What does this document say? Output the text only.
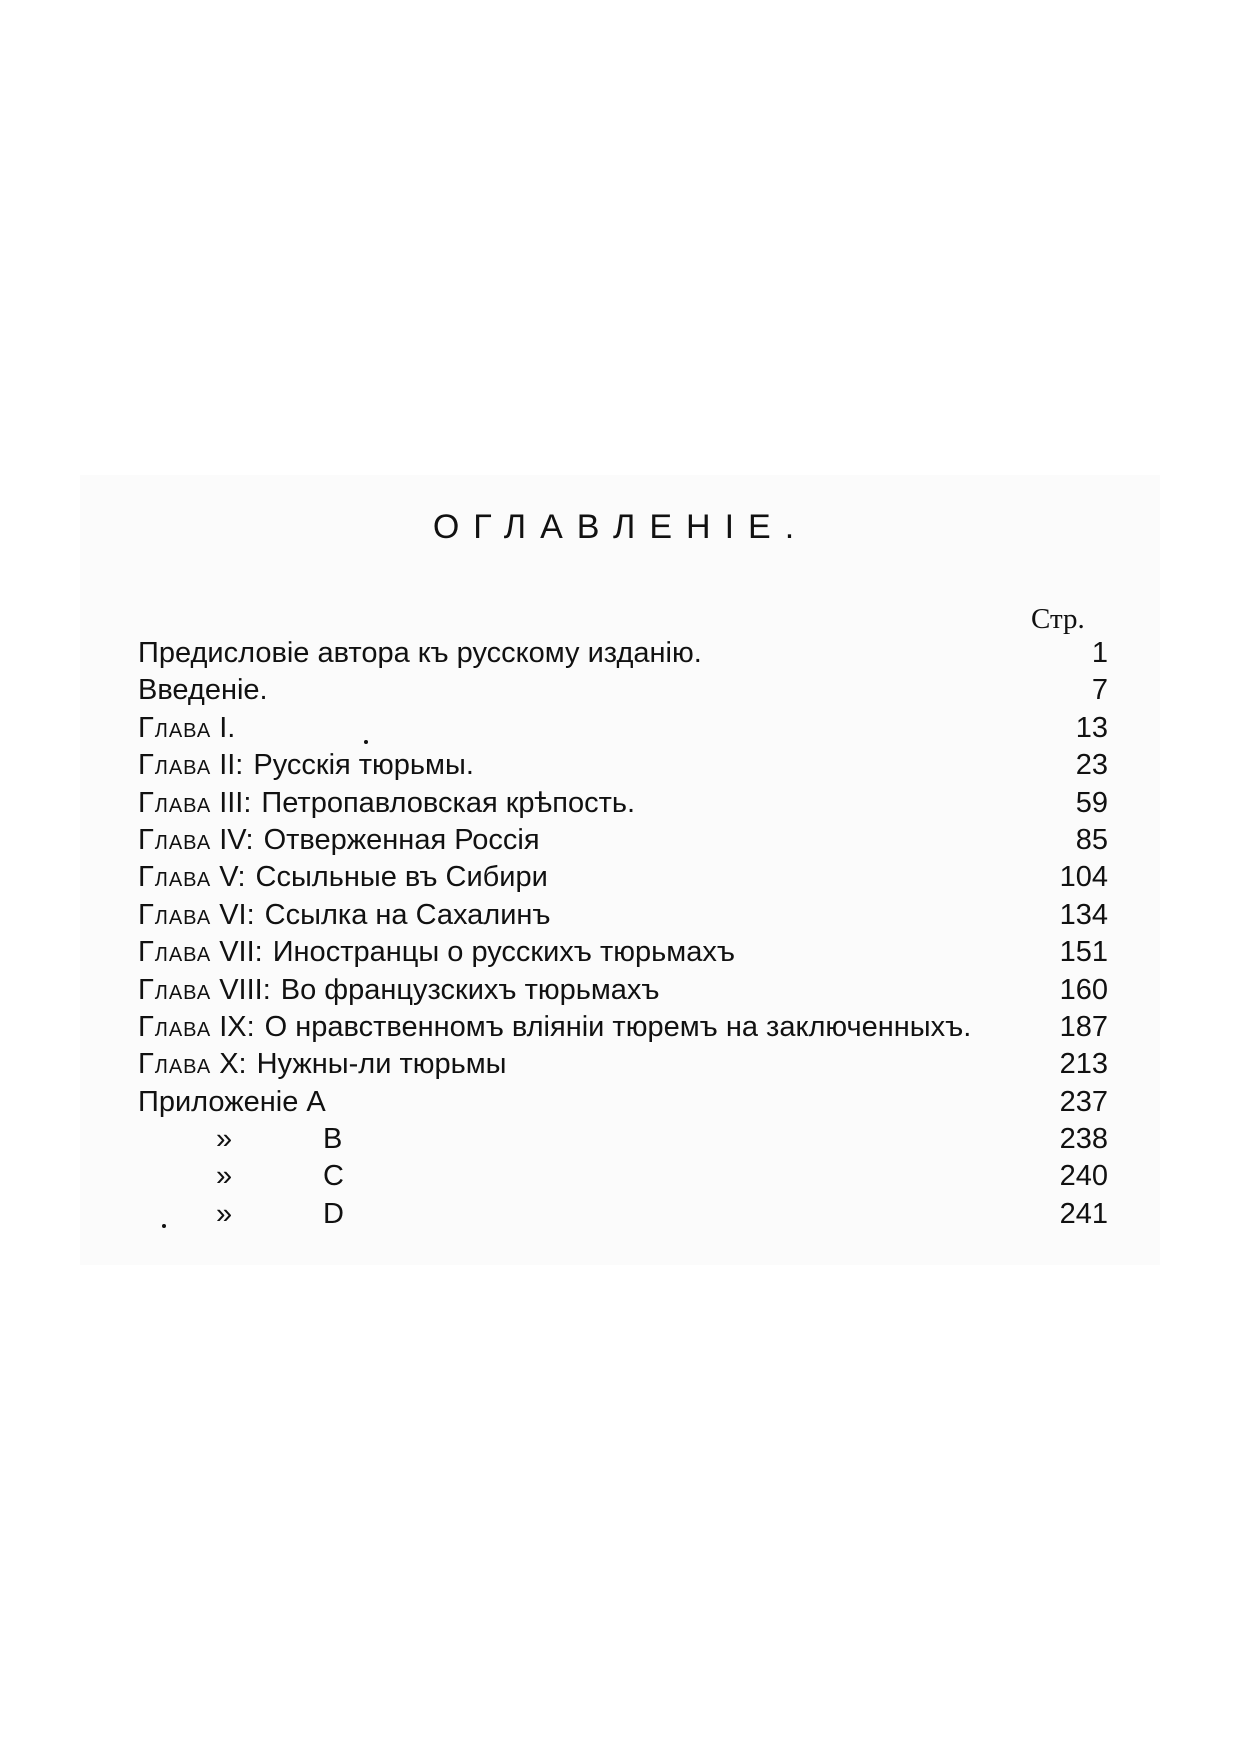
ОГЛАВЛЕНІЕ.
Стр.
Предисловіе автора къ русскому изданію.	1
Введеніе.	7
Глава I.	13
Глава II: Русскія тюрьмы.	23
Глава III: Петропавловская крѣпость.	59
Глава IV: Отверженная Россія	85
Глава V: Ссыльные въ Сибири	104
Глава VI: Ссылка на Сахалинъ	134
Глава VII: Иностранцы о русскихъ тюрьмахъ	151
Глава VIII: Во французскихъ тюрьмахъ	160
Глава IX: О нравственномъ вліяніи тюремъ на заключенныхъ.	187
Глава X: Нужны-ли тюрьмы	213
Приложеніе A	237
»	B	238
»	C	240
»	D	241
